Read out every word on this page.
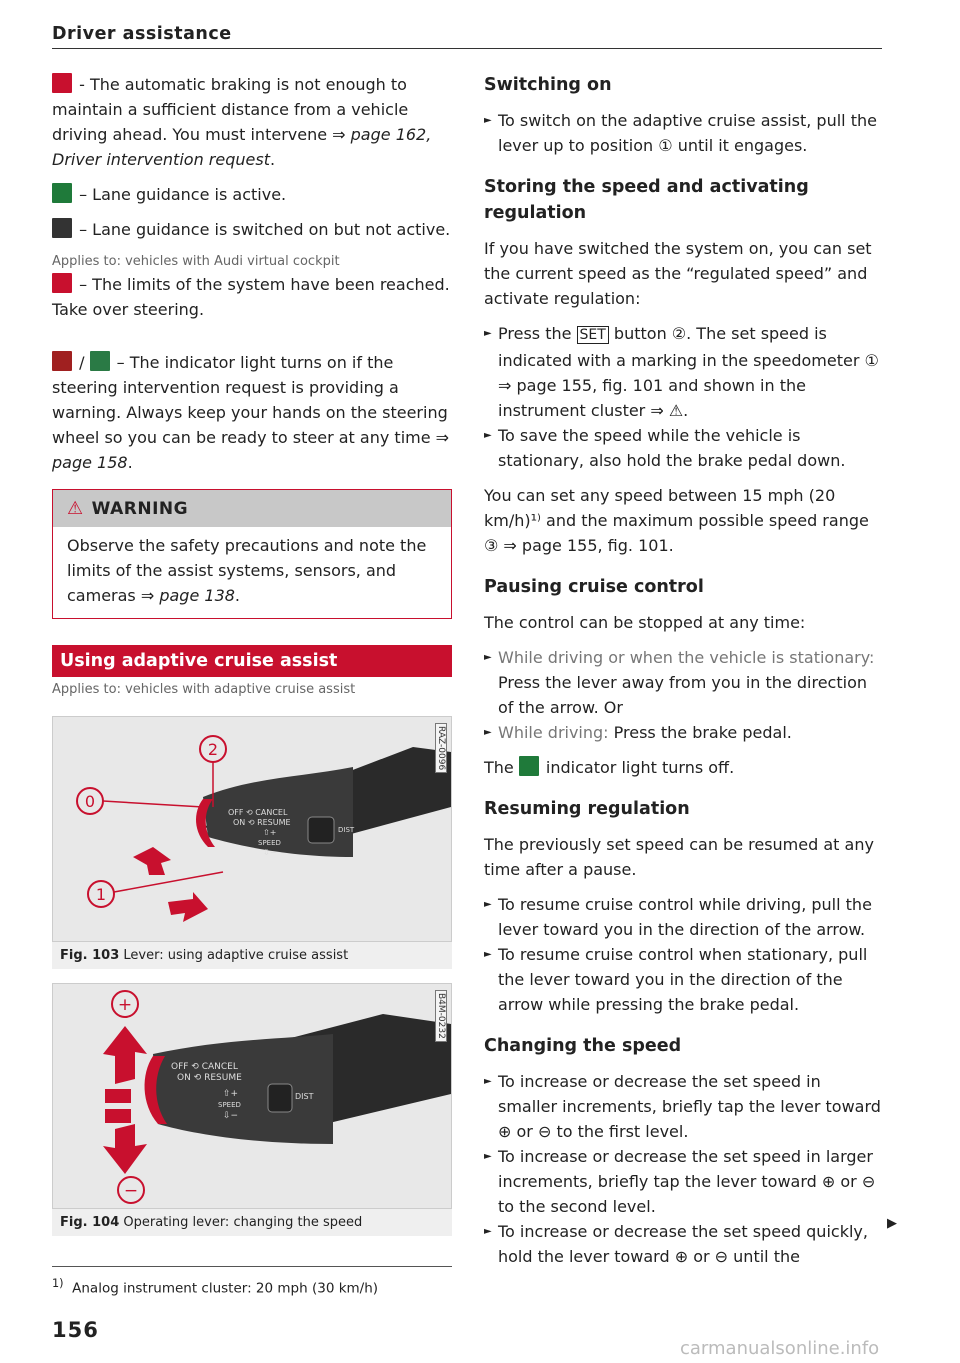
Driver assistance

- The automatic braking is not enough to maintain a sufficient distance from a vehicle driving ahead. You must intervene ⇒ page 162, Driver intervention request.

– Lane guidance is active.

– Lane guidance is switched on but not active.

Applies to: vehicles with Audi virtual cockpit

– The limits of the system have been reached. Take over steering.

/  – The indicator light turns on if the steering intervention request is providing a warning. Always keep your hands on the steering wheel so you can be ready to steer at any time ⇒ page 158.

⚠ WARNING

Observe the safety precautions and note the limits of the assist systems, sensors, and cameras ⇒ page 138.

Using adaptive cruise assist
Applies to: vehicles with adaptive cruise assist
OFF ⟲ CANCEL
ON ⟲ RESUME
⇧+
SPEED
⇩−
DIST
2
0
1
RAZ-0096
Fig. 103 Lever: using adaptive cruise assist
OFF ⟲ CANCEL
ON ⟲ RESUME
⇧+
SPEED
⇩−
DIST
+
−
B4M-0232
Fig. 104 Operating lever: changing the speed
Switching on

► To switch on the adaptive cruise assist, pull the lever up to position ① until it engages.

Storing the speed and activating regulation

If you have switched the system on, you can set the current speed as the “regulated speed” and activate regulation:

► Press the SET button ②. The set speed is indicated with a marking in the speedometer ① ⇒ page 155, fig. 101 and shown in the instrument cluster ⇒ ⚠.

► To save the speed while the vehicle is stationary, also hold the brake pedal down.

You can set any speed between 15 mph (20 km/h)¹⁾ and the maximum possible speed range ③ ⇒ page 155, fig. 101.

Pausing cruise control

The control can be stopped at any time:

► While driving or when the vehicle is stationary: Press the lever away from you in the direction of the arrow. Or

► While driving: Press the brake pedal.

The  indicator light turns off.

Resuming regulation

The previously set speed can be resumed at any time after a pause.

► To resume cruise control while driving, pull the lever toward you in the direction of the arrow.

► To resume cruise control when stationary, pull the lever toward you in the direction of the arrow while pressing the brake pedal.

Changing the speed

► To increase or decrease the set speed in smaller increments, briefly tap the lever toward ⊕ or ⊖ to the first level.

► To increase or decrease the set speed in larger increments, briefly tap the lever toward ⊕ or ⊖ to the second level.

► To increase or decrease the set speed quickly, hold the lever toward ⊕ or ⊖ until the

▶
$^{1)}$ Analog instrument cluster: 20 mph (30 km/h)
156
carmanualsonline.info
